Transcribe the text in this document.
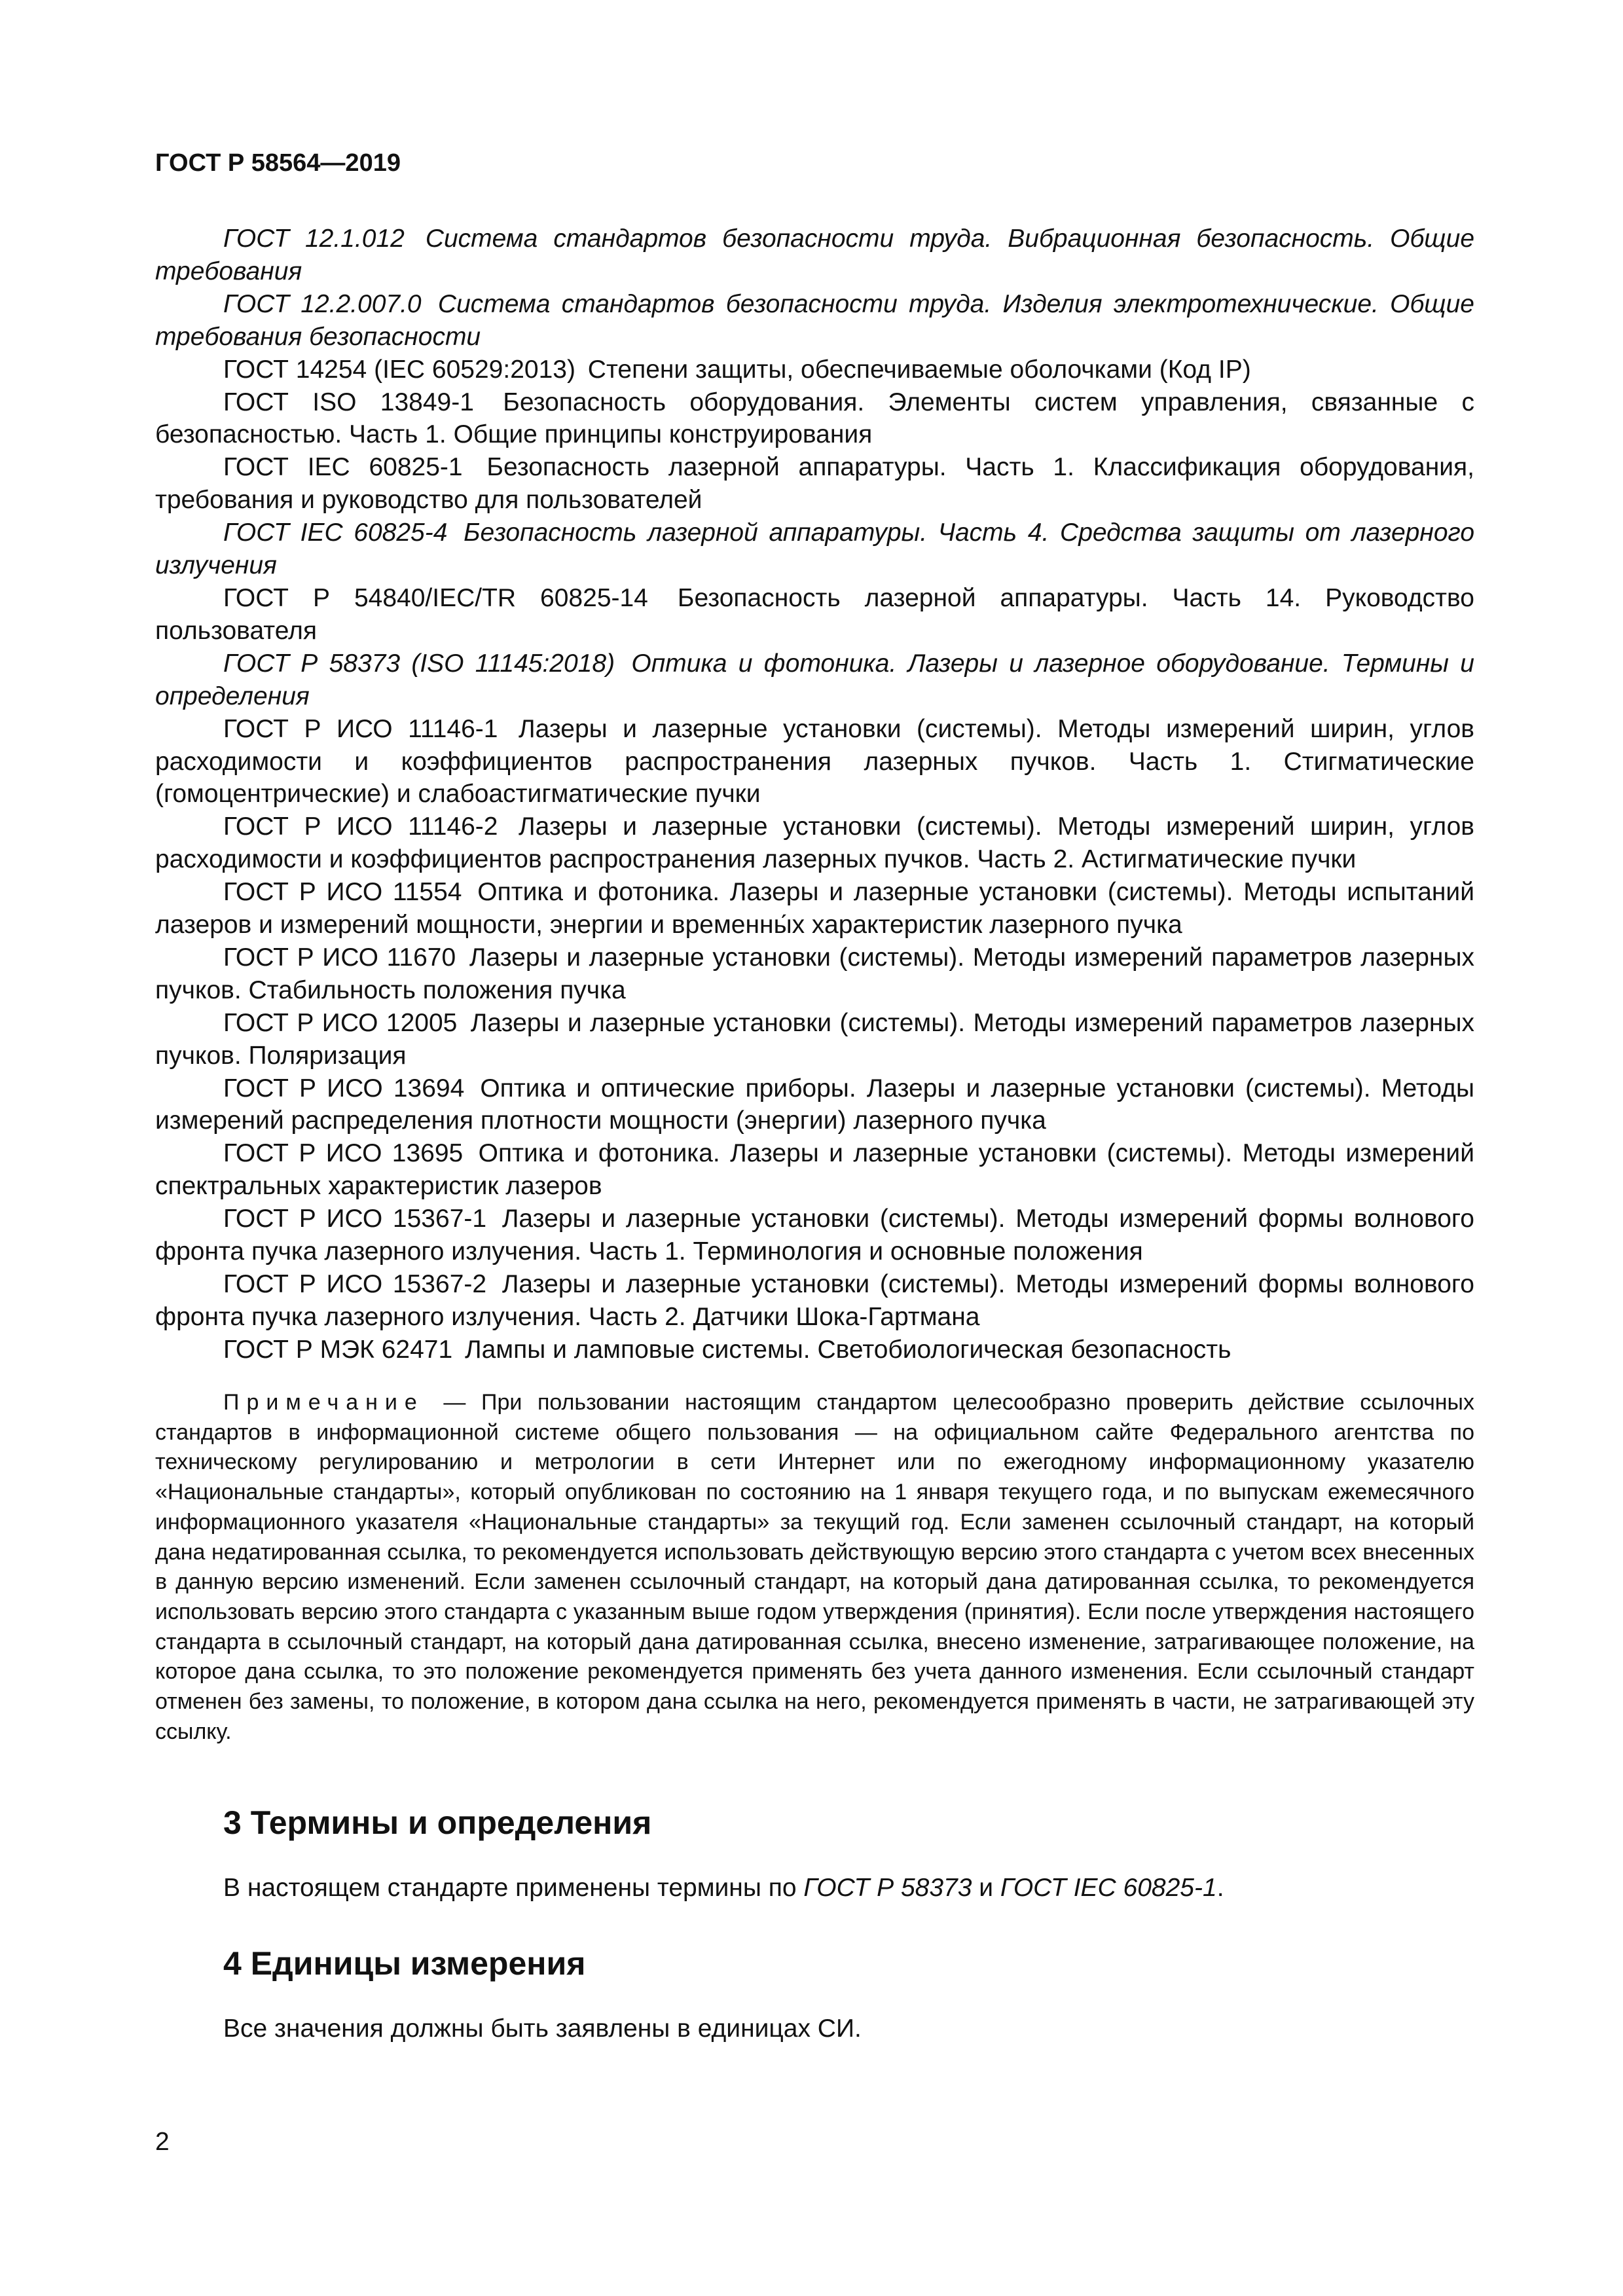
ГОСТ Р 58564—2019

ГОСТ 12.1.012 Система стандартов безопасности труда. Вибрационная безопасность. Общие требования

ГОСТ 12.2.007.0 Система стандартов безопасности труда. Изделия электротехнические. Общие требования безопасности

ГОСТ 14254 (IEC 60529:2013) Степени защиты, обеспечиваемые оболочками (Код IP)

ГОСТ ISO 13849-1 Безопасность оборудования. Элементы систем управления, связанные с безопасностью. Часть 1. Общие принципы конструирования

ГОСТ IEC 60825-1 Безопасность лазерной аппаратуры. Часть 1. Классификация оборудования, требования и руководство для пользователей

ГОСТ IEC 60825-4 Безопасность лазерной аппаратуры. Часть 4. Средства защиты от лазерного излучения

ГОСТ Р 54840/IEC/TR 60825-14 Безопасность лазерной аппаратуры. Часть 14. Руководство пользователя

ГОСТ Р 58373 (ISO 11145:2018) Оптика и фотоника. Лазеры и лазерное оборудование. Термины и определения

ГОСТ Р ИСО 11146-1 Лазеры и лазерные установки (системы). Методы измерений ширин, углов расходимости и коэффициентов распространения лазерных пучков. Часть 1. Стигматические (гомоцентрические) и слабоастигматические пучки

ГОСТ Р ИСО 11146-2 Лазеры и лазерные установки (системы). Методы измерений ширин, углов расходимости и коэффициентов распространения лазерных пучков. Часть 2. Астигматические пучки

ГОСТ Р ИСО 11554 Оптика и фотоника. Лазеры и лазерные установки (системы). Методы испытаний лазеров и измерений мощности, энергии и временны́х характеристик лазерного пучка

ГОСТ Р ИСО 11670 Лазеры и лазерные установки (системы). Методы измерений параметров лазерных пучков. Стабильность положения пучка

ГОСТ Р ИСО 12005 Лазеры и лазерные установки (системы). Методы измерений параметров лазерных пучков. Поляризация

ГОСТ Р ИСО 13694 Оптика и оптические приборы. Лазеры и лазерные установки (системы). Методы измерений распределения плотности мощности (энергии) лазерного пучка

ГОСТ Р ИСО 13695 Оптика и фотоника. Лазеры и лазерные установки (системы). Методы измерений спектральных характеристик лазеров

ГОСТ Р ИСО 15367-1 Лазеры и лазерные установки (системы). Методы измерений формы волнового фронта пучка лазерного излучения. Часть 1. Терминология и основные положения

ГОСТ Р ИСО 15367-2 Лазеры и лазерные установки (системы). Методы измерений формы волнового фронта пучка лазерного излучения. Часть 2. Датчики Шока-Гартмана

ГОСТ Р МЭК 62471 Лампы и ламповые системы. Светобиологическая безопасность

Примечание — При пользовании настоящим стандартом целесообразно проверить действие ссылочных стандартов в информационной системе общего пользования — на официальном сайте Федерального агентства по техническому регулированию и метрологии в сети Интернет или по ежегодному информационному указателю «Национальные стандарты», который опубликован по состоянию на 1 января текущего года, и по выпускам ежемесячного информационного указателя «Национальные стандарты» за текущий год. Если заменен ссылочный стандарт, на который дана недатированная ссылка, то рекомендуется использовать действующую версию этого стандарта с учетом всех внесенных в данную версию изменений. Если заменен ссылочный стандарт, на который дана датированная ссылка, то рекомендуется использовать версию этого стандарта с указанным выше годом утверждения (принятия). Если после утверждения настоящего стандарта в ссылочный стандарт, на который дана датированная ссылка, внесено изменение, затрагивающее положение, на которое дана ссылка, то это положение рекомендуется применять без учета данного изменения. Если ссылочный стандарт отменен без замены, то положение, в котором дана ссылка на него, рекомендуется применять в части, не затрагивающей эту ссылку.

3 Термины и определения

В настоящем стандарте применены термины по ГОСТ Р 58373 и ГОСТ IEC 60825-1.

4 Единицы измерения

Все значения должны быть заявлены в единицах СИ.

2
